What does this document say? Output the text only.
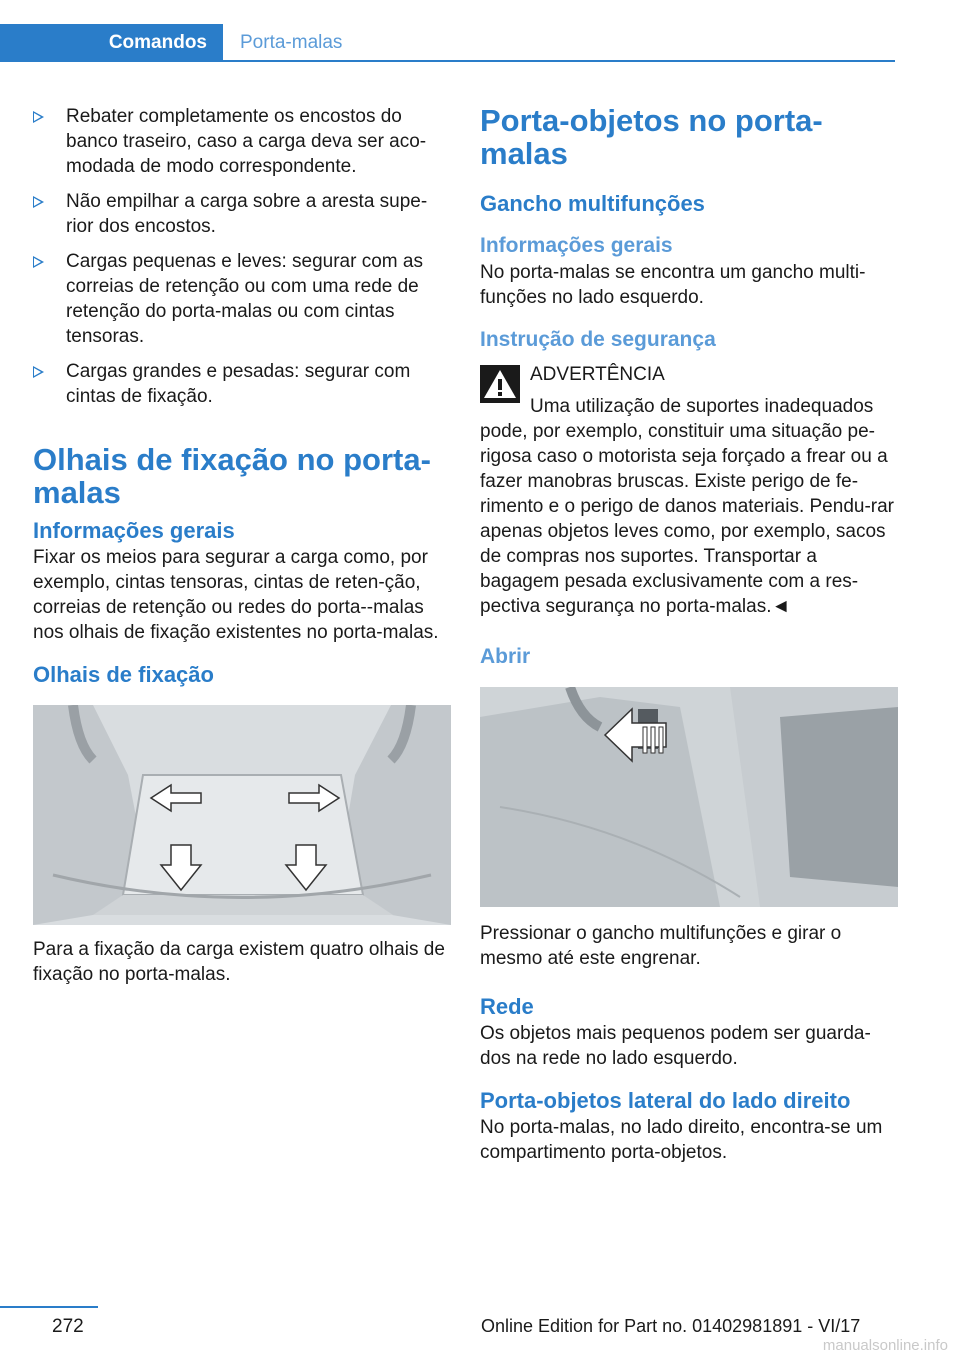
Comandos	Porta-malas
Rebater completamente os encostos do banco traseiro, caso a carga deva ser aco-modada de modo correspondente.
Não empilhar a carga sobre a aresta supe-rior dos encostos.
Cargas pequenas e leves: segurar com as correias de retenção ou com uma rede de retenção do porta-malas ou com cintas tensoras.
Cargas grandes e pesadas: segurar com cintas de fixação.
Olhais de fixação no porta-malas
Informações gerais

Fixar os meios para segurar a carga como, por exemplo, cintas tensoras, cintas de reten-ção, correias de retenção ou redes do porta--malas nos olhais de fixação existentes no porta-malas.

Olhais de fixação

Para a fixação da carga existem quatro olhais de fixação no porta-malas.

Porta-objetos no porta-malas
Gancho multifunções
Informações gerais

No porta-malas se encontra um gancho multi-funções no lado esquerdo.

Instrução de segurança

ADVERTÊNCIA

Uma utilização de suportes inadequados pode, por exemplo, constituir uma situação pe-rigosa caso o motorista seja forçado a frear ou a fazer manobras bruscas. Existe perigo de fe-rimento e o perigo de danos materiais. Pendu-rar apenas objetos leves como, por exemplo, sacos de compras nos suportes. Transportar a bagagem pesada exclusivamente com a res-pectiva segurança no porta-malas.◄

Abrir

Pressionar o gancho multifunções e girar o mesmo até este engrenar.

Rede

Os objetos mais pequenos podem ser guarda-dos na rede no lado esquerdo.

Porta-objetos lateral do lado direito

No porta-malas, no lado direito, encontra-se um compartimento porta-objetos.

272	Online Edition for Part no. 01402981891 - VI/17
manualsonline.info
